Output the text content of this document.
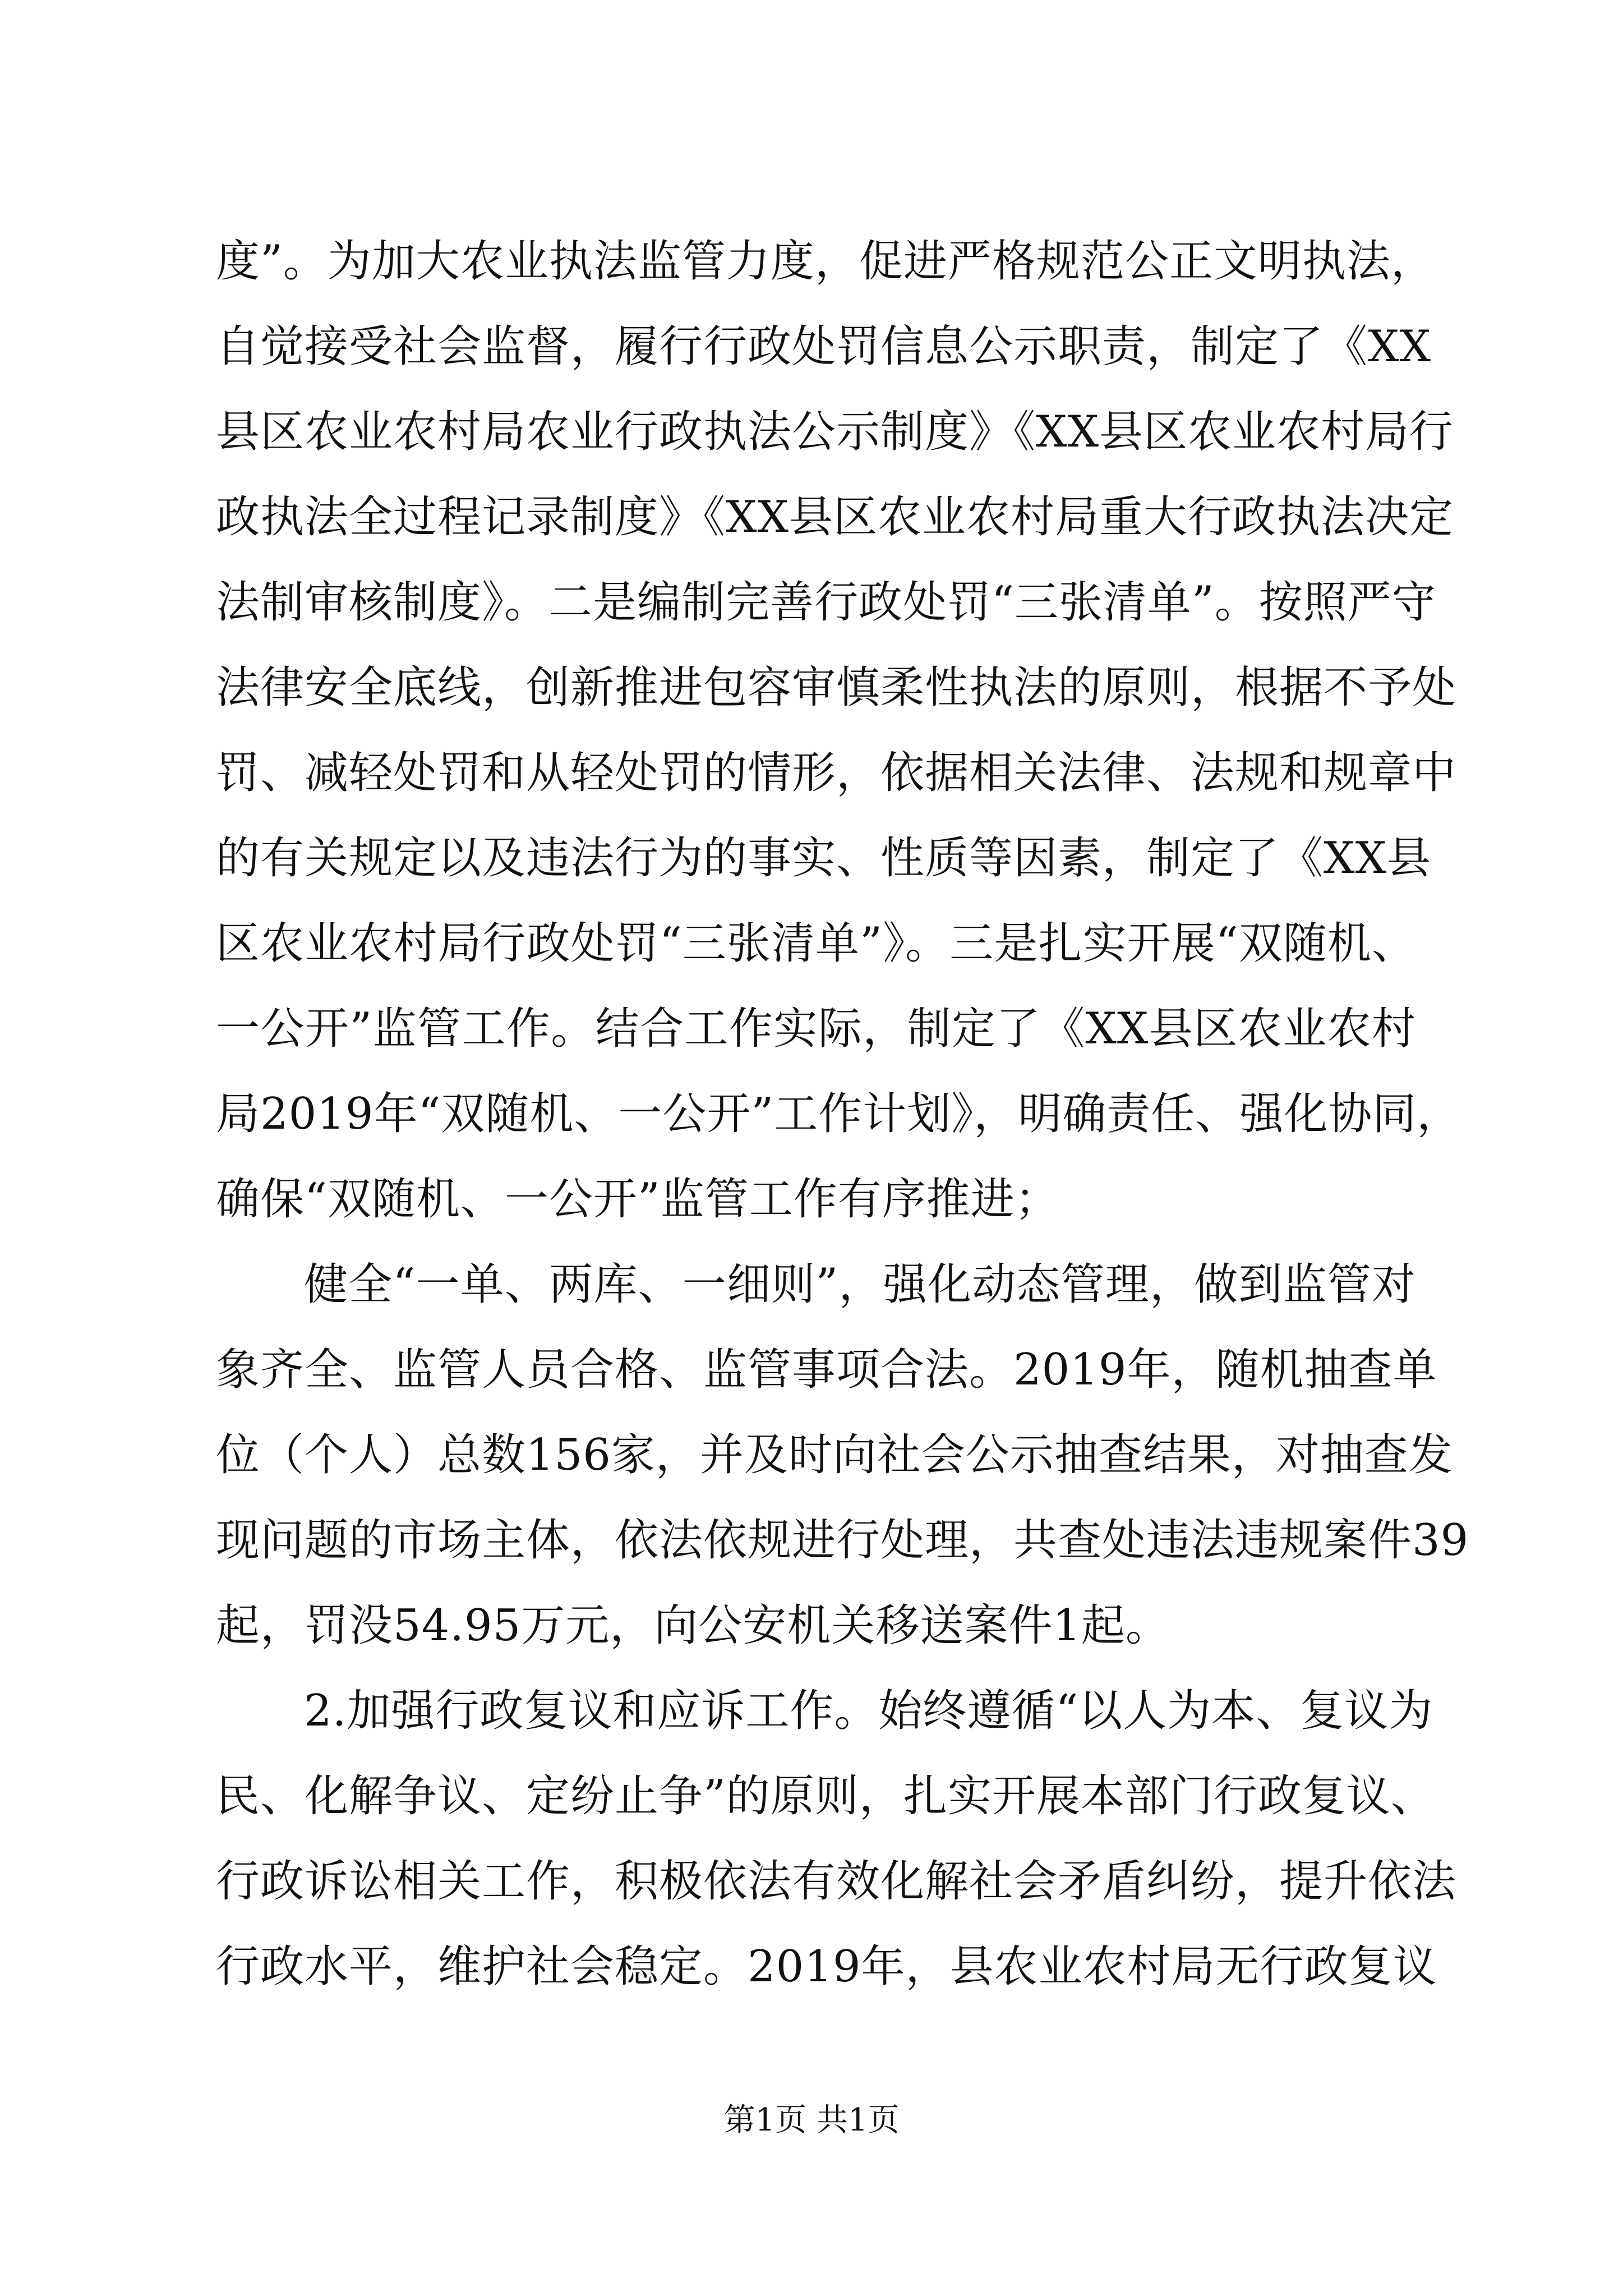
度”。为加大农业执法监管力度，促进严格规范公正文明执法，
自觉接受社会监督，履行行政处罚信息公示职责，制定了《XX
县区农业农村局农业行政执法公示制度》《XX县区农业农村局行
政执法全过程记录制度》《XX县区农业农村局重大行政执法决定
法制审核制度》。二是编制完善行政处罚“三张清单”。按照严守
法律安全底线，创新推进包容审慎柔性执法的原则，根据不予处
罚、减轻处罚和从轻处罚的情形，依据相关法律、法规和规章中
的有关规定以及违法行为的事实、性质等因素，制定了《XX县
区农业农村局行政处罚“三张清单”》。三是扎实开展“双随机、
一公开”监管工作。结合工作实际，制定了《XX县区农业农村
局2019年“双随机、一公开”工作计划》，明确责任、强化协同，
确保“双随机、一公开”监管工作有序推进；
健全“一单、两库、一细则”，强化动态管理，做到监管对
象齐全、监管人员合格、监管事项合法。2019年，随机抽查单
位（个人）总数156家，并及时向社会公示抽查结果，对抽查发
现问题的市场主体，依法依规进行处理，共查处违法违规案件39
起，罚没54.95万元，向公安机关移送案件1起。
2.加强行政复议和应诉工作。始终遵循“以人为本、复议为
民、化解争议、定纷止争”的原则，扎实开展本部门行政复议、
行政诉讼相关工作，积极依法有效化解社会矛盾纠纷，提升依法
行政水平，维护社会稳定。2019年，县农业农村局无行政复议
第1页 共1页
